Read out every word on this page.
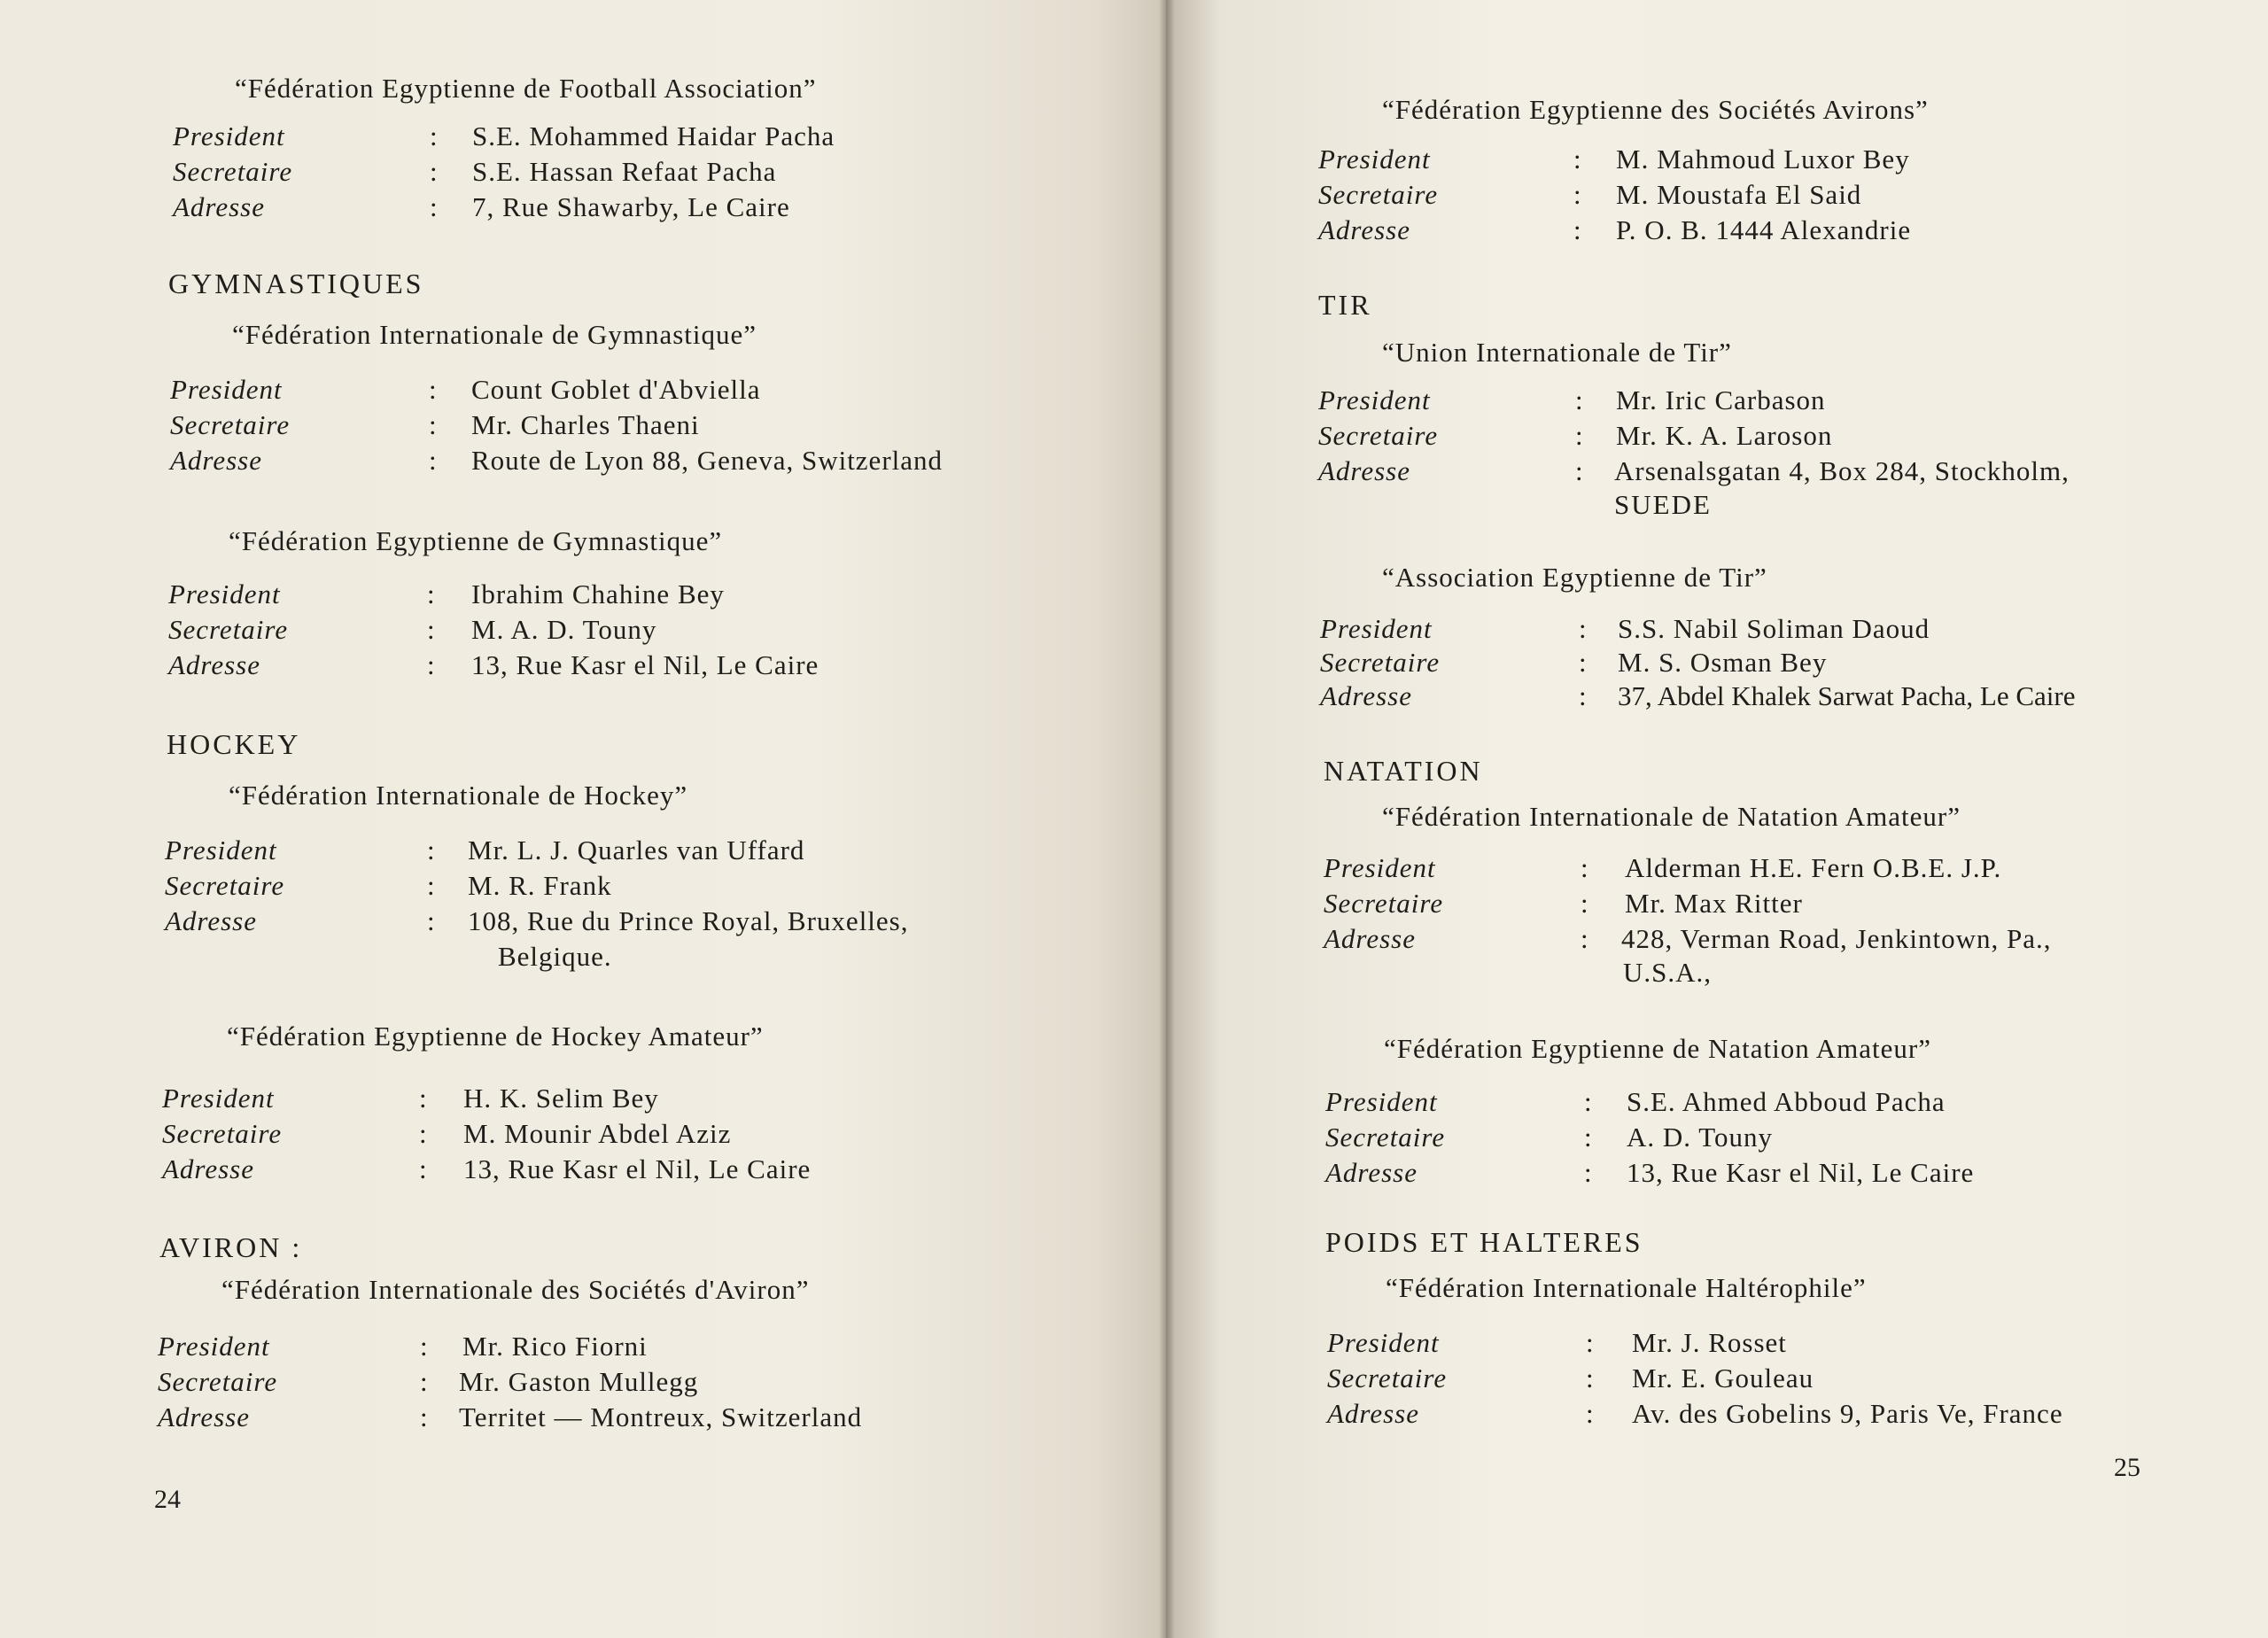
“Fédération Egyptienne de Football Association”
President	: S.E. Mohammed Haidar Pacha
Secretaire	: S.E. Hassan Refaat Pacha
Adresse	: 7, Rue Shawarby, Le Caire
GYMNASTIQUES
“Fédération Internationale de Gymnastique”
President	: Count Goblet d'Abviella
Secretaire	: Mr. Charles Thaeni
Adresse	: Route de Lyon 88, Geneva, Switzerland
“Fédération Egyptienne de Gymnastique”
President	: Ibrahim Chahine Bey
Secretaire	: M. A. D. Touny
Adresse	: 13, Rue Kasr el Nil, Le Caire
HOCKEY
“Fédération Internationale de Hockey”
President	: Mr. L. J. Quarles van Uffard
Secretaire	: M. R. Frank
Adresse	: 108, Rue du Prince Royal, Bruxelles,
Belgique.
“Fédération Egyptienne de Hockey Amateur”
President	: H. K. Selim Bey
Secretaire	: M. Mounir Abdel Aziz
Adresse	: 13, Rue Kasr el Nil, Le Caire
AVIRON :
“Fédération Internationale des Sociétés d'Aviron”
President	: Mr. Rico Fiorni
Secretaire	: Mr. Gaston Mullegg
Adresse	: Territet — Montreux, Switzerland
24
“Fédération Egyptienne des Sociétés Avirons”
President	: M. Mahmoud Luxor Bey
Secretaire	: M. Moustafa El Said
Adresse	: P. O. B. 1444 Alexandrie
TIR
“Union Internationale de Tir”
President	: Mr. Iric Carbason
Secretaire	: Mr. K. A. Laroson
Adresse	: Arsenalsgatan 4, Box 284, Stockholm,
SUEDE
“Association Egyptienne de Tir”
President	: S.S. Nabil Soliman Daoud
Secretaire	: M. S. Osman Bey
Adresse	: 37, Abdel Khalek Sarwat Pacha, Le Caire
NATATION
“Fédération Internationale de Natation Amateur”
President	: Alderman H.E. Fern O.B.E. J.P.
Secretaire	: Mr. Max Ritter
Adresse	: 428, Verman Road, Jenkintown, Pa.,
U.S.A.,
“Fédération Egyptienne de Natation Amateur”
President	: S.E. Ahmed Abboud Pacha
Secretaire	: A. D. Touny
Adresse	: 13, Rue Kasr el Nil, Le Caire
POIDS ET HALTERES
“Fédération Internationale Haltérophile”
President	: Mr. J. Rosset
Secretaire	: Mr. E. Gouleau
Adresse	: Av. des Gobelins 9, Paris Ve, France
25
